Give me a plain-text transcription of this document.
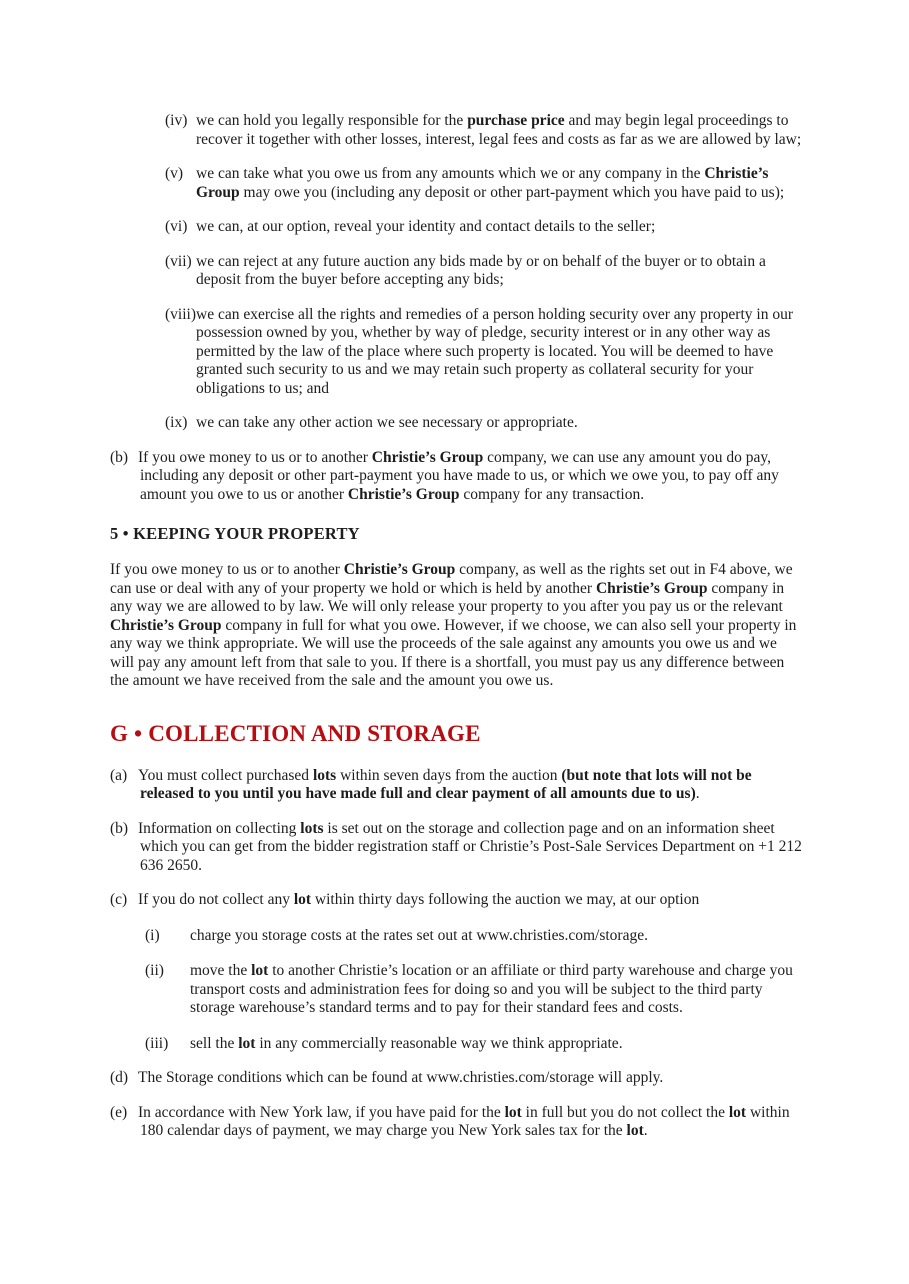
(iv) we can hold you legally responsible for the purchase price and may begin legal proceedings to recover it together with other losses, interest, legal fees and costs as far as we are allowed by law;
(v) we can take what you owe us from any amounts which we or any company in the Christie’s Group may owe you (including any deposit or other part-payment which you have paid to us);
(vi) we can, at our option, reveal your identity and contact details to the seller;
(vii) we can reject at any future auction any bids made by or on behalf of the buyer or to obtain a deposit from the buyer before accepting any bids;
(viii)we can exercise all the rights and remedies of a person holding security over any property in our possession owned by you, whether by way of pledge, security interest or in any other way as permitted by the law of the place where such property is located. You will be deemed to have granted such security to us and we may retain such property as collateral security for your obligations to us; and
(ix) we can take any other action we see necessary or appropriate.
(b) If you owe money to us or to another Christie’s Group company, we can use any amount you do pay, including any deposit or other part-payment you have made to us, or which we owe you, to pay off any amount you owe to us or another Christie’s Group company for any transaction.
5 • KEEPING YOUR PROPERTY

If you owe money to us or to another Christie’s Group company, as well as the rights set out in F4 above, we can use or deal with any of your property we hold or which is held by another Christie’s Group company in any way we are allowed to by law. We will only release your property to you after you pay us or the relevant Christie’s Group company in full for what you owe. However, if we choose, we can also sell your property in any way we think appropriate. We will use the proceeds of the sale against any amounts you owe us and we will pay any amount left from that sale to you. If there is a shortfall, you must pay us any difference between the amount we have received from the sale and the amount you owe us.

G • COLLECTION AND STORAGE
(a) You must collect purchased lots within seven days from the auction (but note that lots will not be released to you until you have made full and clear payment of all amounts due to us).
(b) Information on collecting lots is set out on the storage and collection page and on an information sheet which you can get from the bidder registration staff or Christie’s Post-Sale Services Department on +1 212 636 2650.
(c) If you do not collect any lot within thirty days following the auction we may, at our option
(i) charge you storage costs at the rates set out at www.christies.com/storage.
(ii) move the lot to another Christie’s location or an affiliate or third party warehouse and charge you transport costs and administration fees for doing so and you will be subject to the third party storage warehouse’s standard terms and to pay for their standard fees and costs.
(iii) sell the lot in any commercially reasonable way we think appropriate.
(d) The Storage conditions which can be found at www.christies.com/storage will apply.
(e) In accordance with New York law, if you have paid for the lot in full but you do not collect the lot within 180 calendar days of payment, we may charge you New York sales tax for the lot.
